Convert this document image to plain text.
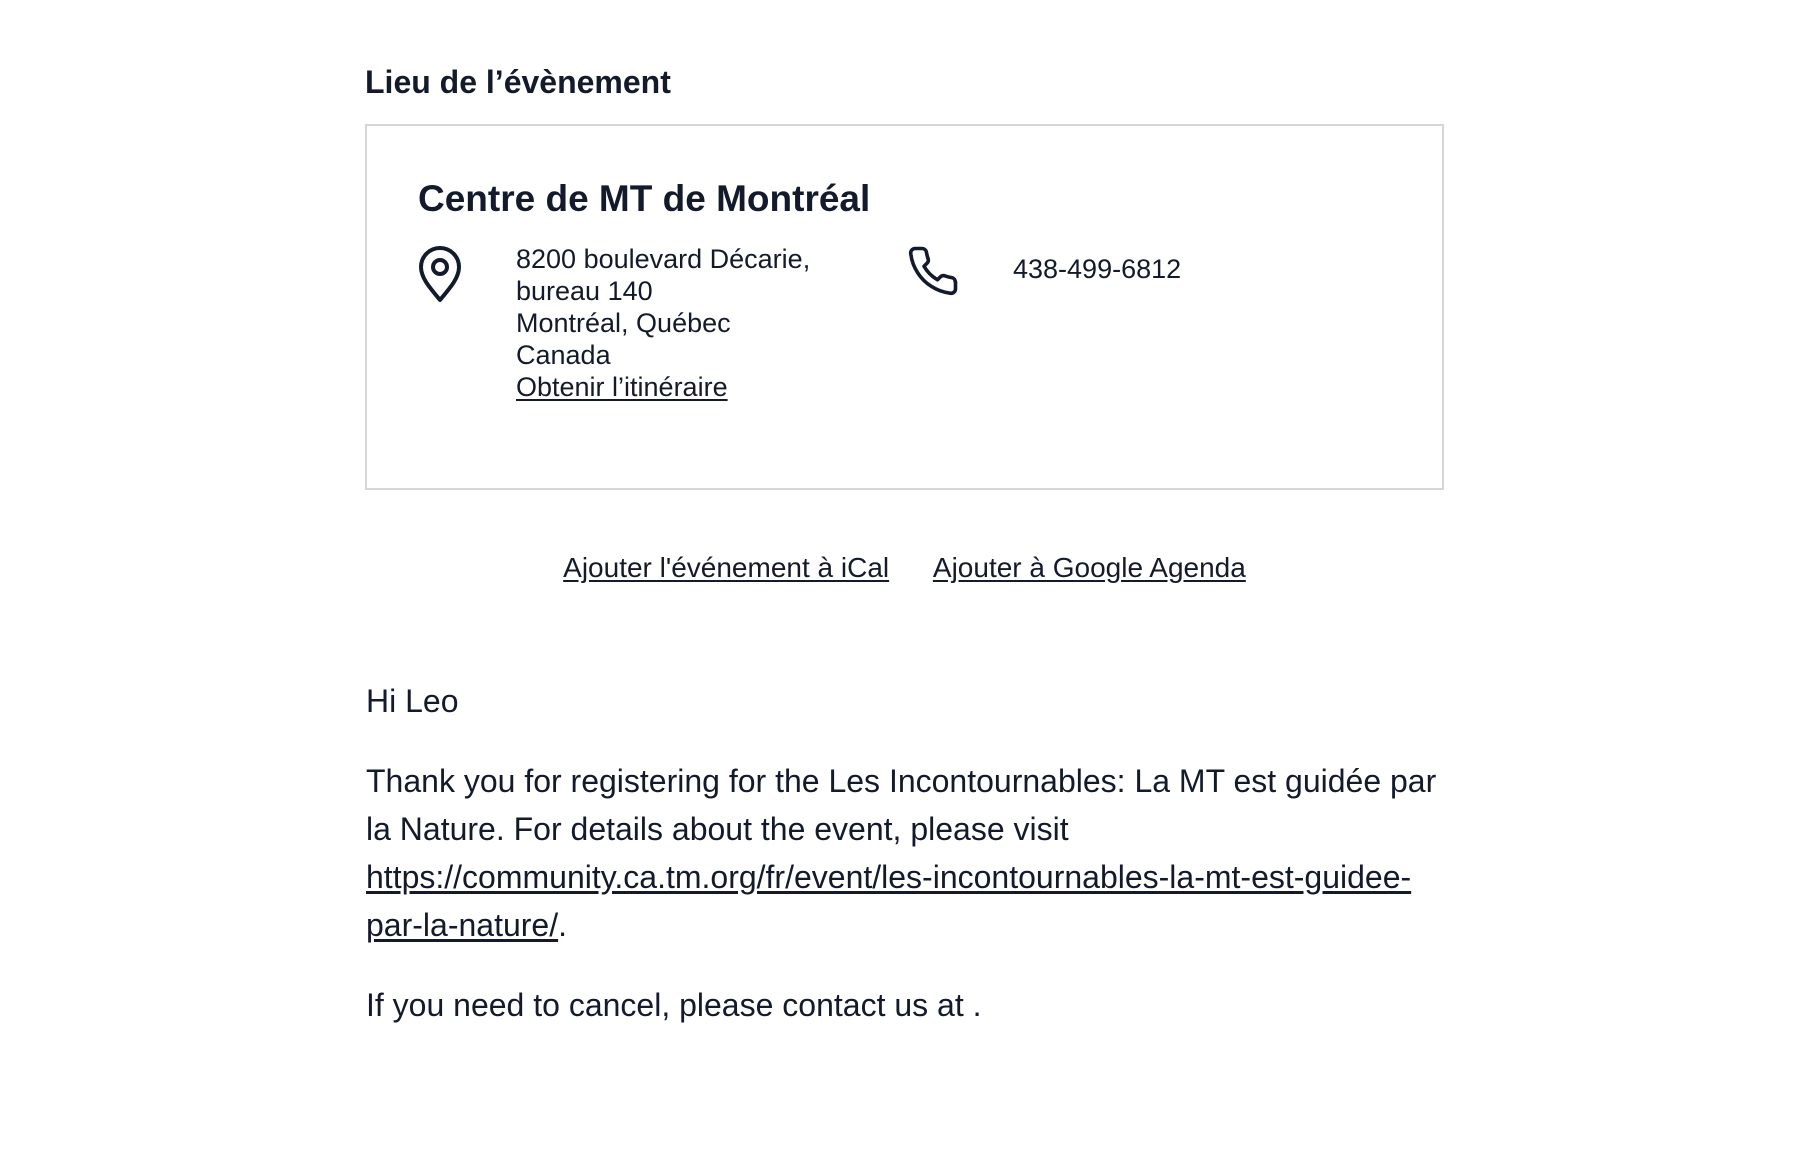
Lieu de l’évènement
Centre de MT de Montréal
8200 boulevard Décarie,
bureau 140
Montréal, Québec
Canada
Obtenir l’itinéraire
438-499-6812
Ajouter l'événement à iCal Ajouter à Google Agenda

Hi Leo

Thank you for registering for the Les Incontournables: La MT est guidée par la Nature. For details about the event, please visit https://community.ca.tm.org/fr/event/les-incontournables-la-mt-est-guidee-par-la-nature/.

If you need to cancel, please contact us at .
